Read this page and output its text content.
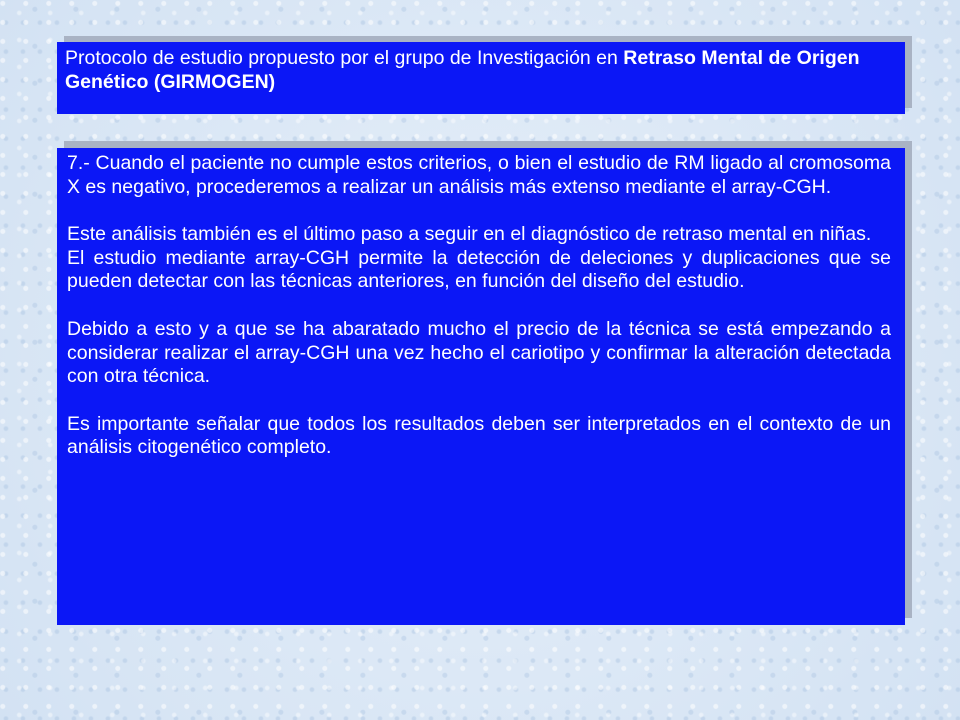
Protocolo de estudio propuesto por el grupo de Investigación en Retraso Mental de Origen Genético (GIRMOGEN)

7.- Cuando el paciente no cumple estos criterios, o bien el estudio de RM ligado al cromosoma X es negativo, procederemos a realizar un análisis más extenso mediante el array-CGH.

Este análisis también es el último paso a seguir en el diagnóstico de retraso mental en niñas.

El estudio mediante array-CGH permite la detección de deleciones y duplicaciones que se pueden detectar con las técnicas anteriores, en función del diseño del estudio.

Debido a esto y a que se ha abaratado mucho el precio de la técnica se está empezando a considerar realizar el array-CGH una vez hecho el cariotipo y confirmar la alteración detectada con otra técnica.

Es importante señalar que todos los resultados deben ser interpretados en el contexto de un análisis citogenético completo.
